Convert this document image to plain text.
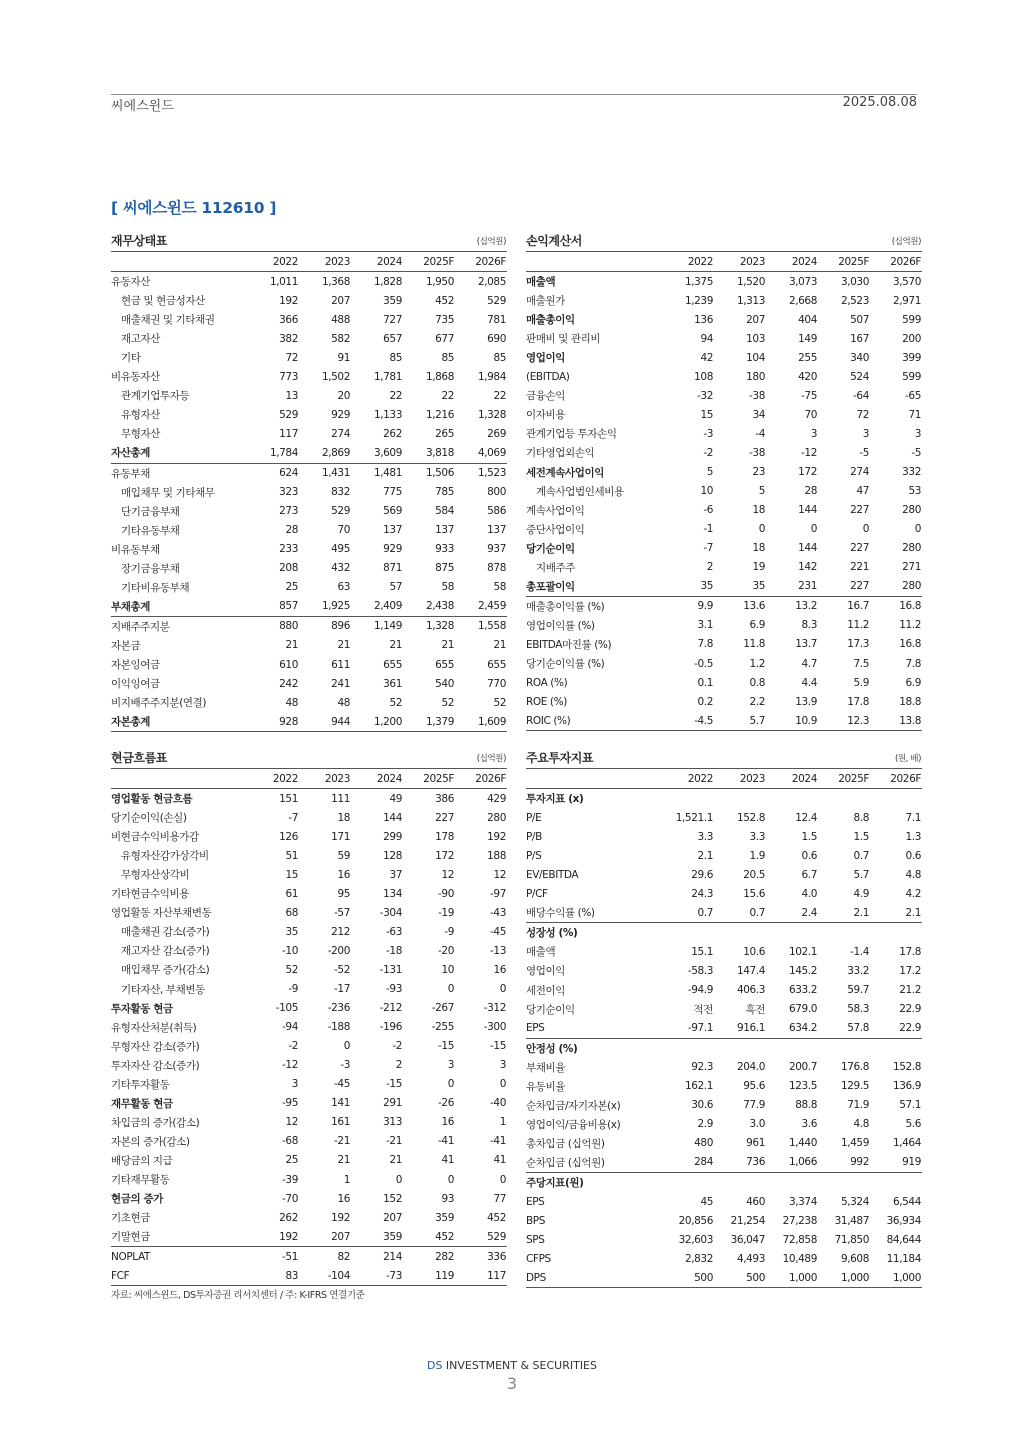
씨에스윈드	2025.08.08
[ 씨에스윈드 112610 ]
재무상태표	(십억원)
	2022	2023	2024	2025F	2026F
유동자산	1,011	1,368	1,828	1,950	2,085
현금 및 현금성자산	192	207	359	452	529
매출채권 및 기타채권	366	488	727	735	781
재고자산	382	582	657	677	690
기타	72	91	85	85	85
비유동자산	773	1,502	1,781	1,868	1,984
관계기업투자등	13	20	22	22	22
유형자산	529	929	1,133	1,216	1,328
무형자산	117	274	262	265	269
자산총계	1,784	2,869	3,609	3,818	4,069
유동부채	624	1,431	1,481	1,506	1,523
매입채무 및 기타채무	323	832	775	785	800
단기금융부채	273	529	569	584	586
기타유동부채	28	70	137	137	137
비유동부채	233	495	929	933	937
장기금융부채	208	432	871	875	878
기타비유동부채	25	63	57	58	58
부채총계	857	1,925	2,409	2,438	2,459
지배주주지분	880	896	1,149	1,328	1,558
자본금	21	21	21	21	21
자본잉여금	610	611	655	655	655
이익잉여금	242	241	361	540	770
비지배주주지분(연결)	48	48	52	52	52
자본총계	928	944	1,200	1,379	1,609
손익계산서	(십억원)
	2022	2023	2024	2025F	2026F
매출액	1,375	1,520	3,073	3,030	3,570
매출원가	1,239	1,313	2,668	2,523	2,971
매출총이익	136	207	404	507	599
판매비 및 관리비	94	103	149	167	200
영업이익	42	104	255	340	399
(EBITDA)	108	180	420	524	599
금융손익	-32	-38	-75	-64	-65
이자비용	15	34	70	72	71
관계기업등 투자손익	-3	-4	3	3	3
기타영업외손익	-2	-38	-12	-5	-5
세전계속사업이익	5	23	172	274	332
계속사업법인세비용	10	5	28	47	53
계속사업이익	-6	18	144	227	280
중단사업이익	-1	0	0	0	0
당기순이익	-7	18	144	227	280
지배주주	2	19	142	221	271
총포괄이익	35	35	231	227	280
매출총이익률 (%)	9.9	13.6	13.2	16.7	16.8
영업이익률 (%)	3.1	6.9	8.3	11.2	11.2
EBITDA마진률 (%)	7.8	11.8	13.7	17.3	16.8
당기순이익률 (%)	-0.5	1.2	4.7	7.5	7.8
ROA (%)	0.1	0.8	4.4	5.9	6.9
ROE (%)	0.2	2.2	13.9	17.8	18.8
ROIC (%)	-4.5	5.7	10.9	12.3	13.8
현금흐름표	(십억원)
	2022	2023	2024	2025F	2026F
영업활동 현금흐름	151	111	49	386	429
당기순이익(손실)	-7	18	144	227	280
비현금수익비용가감	126	171	299	178	192
유형자산감가상각비	51	59	128	172	188
무형자산상각비	15	16	37	12	12
기타현금수익비용	61	95	134	-90	-97
영업활동 자산부채변동	68	-57	-304	-19	-43
매출채권 감소(증가)	35	212	-63	-9	-45
재고자산 감소(증가)	-10	-200	-18	-20	-13
매입채무 증가(감소)	52	-52	-131	10	16
기타자산, 부채변동	-9	-17	-93	0	0
투자활동 현금	-105	-236	-212	-267	-312
유형자산처분(취득)	-94	-188	-196	-255	-300
무형자산 감소(증가)	-2	0	-2	-15	-15
투자자산 감소(증가)	-12	-3	2	3	3
기타투자활동	3	-45	-15	0	0
재무활동 현금	-95	141	291	-26	-40
차입금의 증가(감소)	12	161	313	16	1
자본의 증가(감소)	-68	-21	-21	-41	-41
배당금의 지급	25	21	21	41	41
기타재무활동	-39	1	0	0	0
현금의 증가	-70	16	152	93	77
기초현금	262	192	207	359	452
기말현금	192	207	359	452	529
NOPLAT	-51	82	214	282	336
FCF	83	-104	-73	119	117
주요투자지표	(원, 배)
	2022	2023	2024	2025F	2026F
투자지표 (x)					
P/E	1,521.1	152.8	12.4	8.8	7.1
P/B	3.3	3.3	1.5	1.5	1.3
P/S	2.1	1.9	0.6	0.7	0.6
EV/EBITDA	29.6	20.5	6.7	5.7	4.8
P/CF	24.3	15.6	4.0	4.9	4.2
배당수익률 (%)	0.7	0.7	2.4	2.1	2.1
성장성 (%)					
매출액	15.1	10.6	102.1	-1.4	17.8
영업이익	-58.3	147.4	145.2	33.2	17.2
세전이익	-94.9	406.3	633.2	59.7	21.2
당기순이익	적전	흑전	679.0	58.3	22.9
EPS	-97.1	916.1	634.2	57.8	22.9
안정성 (%)					
부채비율	92.3	204.0	200.7	176.8	152.8
유동비율	162.1	95.6	123.5	129.5	136.9
순차입금/자기자본(x)	30.6	77.9	88.8	71.9	57.1
영업이익/금융비용(x)	2.9	3.0	3.6	4.8	5.6
총차입금 (십억원)	480	961	1,440	1,459	1,464
순차입금 (십억원)	284	736	1,066	992	919
주당지표(원)					
EPS	45	460	3,374	5,324	6,544
BPS	20,856	21,254	27,238	31,487	36,934
SPS	32,603	36,047	72,858	71,850	84,644
CFPS	2,832	4,493	10,489	9,608	11,184
DPS	500	500	1,000	1,000	1,000
자료: 씨에스윈드, DS투자증권 리서치센터 / 주: K-IFRS 연결기준
DS INVESTMENT & SECURITIES
3
